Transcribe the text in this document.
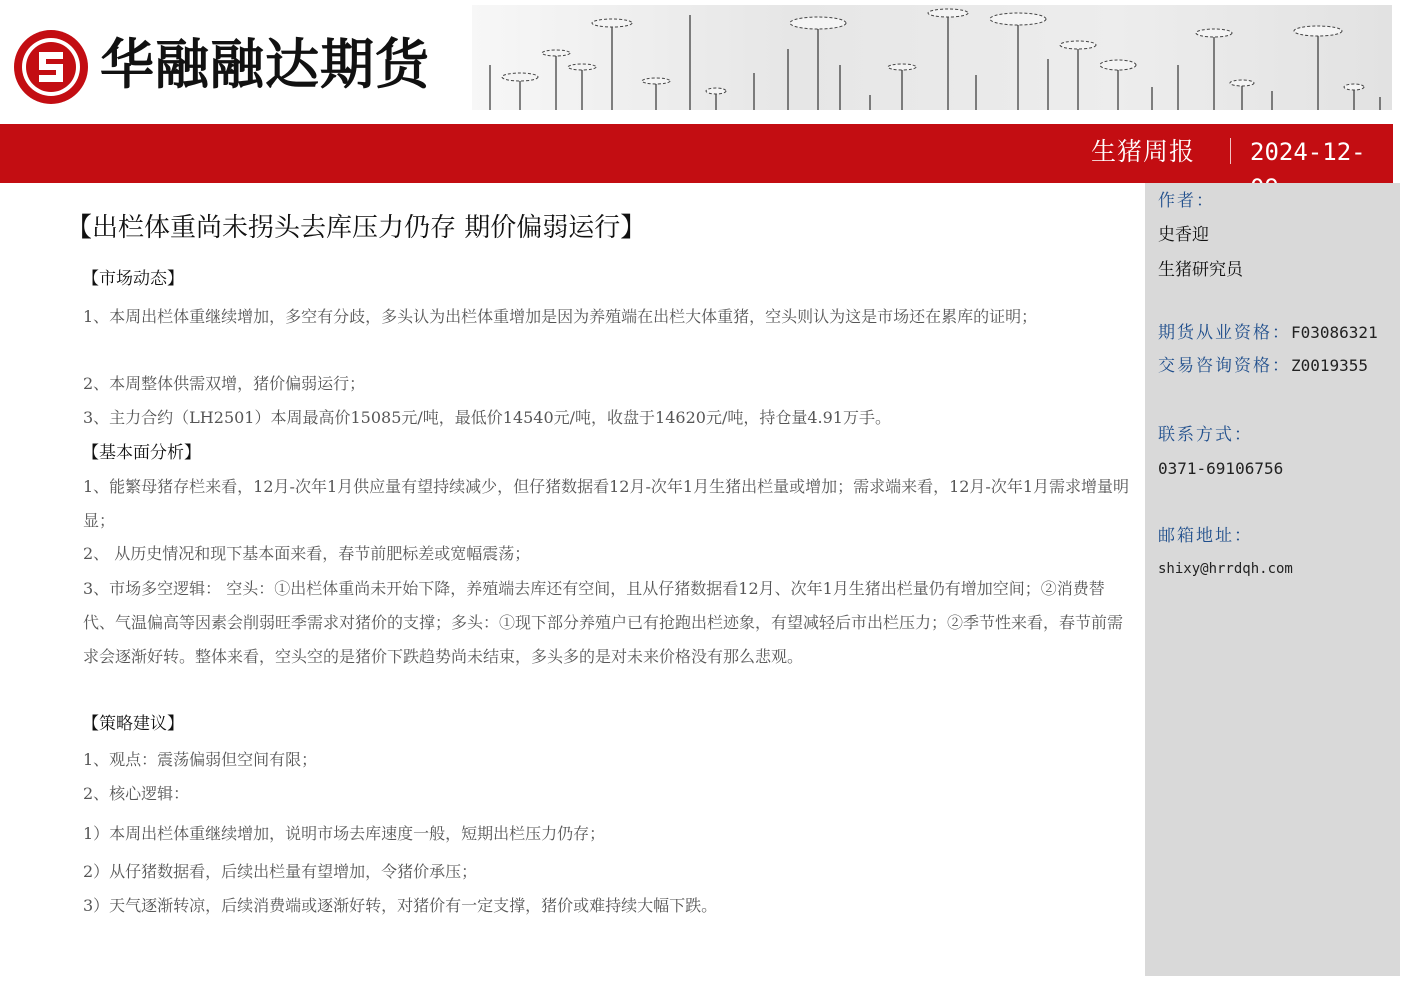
华融融达期货
生猪周报 2024-12-
作者：
史香迎
生猪研究员
期货从业资格：F03086321
交易咨询资格：Z0019355
联系方式：
0371-69106756
邮箱地址：
shixy@hrrdqh.com
【出栏体重尚未拐头去库压力仍存 期价偏弱运行】
【市场动态】

1、本周出栏体重继续增加，多空有分歧，多头认为出栏体重增加是因为养殖端在出栏大体重猪，空头则认为这是市场还在累库的证明；

2、本周整体供需双增，猪价偏弱运行；
3、主力合约（LH2501）本周最高价15085元/吨，最低价14540元/吨，收盘于14620元/吨，持仓量4.91万手。
【基本面分析】

1、能繁母猪存栏来看，12月-次年1月供应量有望持续减少，但仔猪数据看12月-次年1月生猪出栏量或增加；需求端来看，12月-次年1月需求增量明显；

2、 从历史情况和现下基本面来看，春节前肥标差或宽幅震荡；

3、市场多空逻辑： 空头：①出栏体重尚未开始下降，养殖端去库还有空间，且从仔猪数据看12月、次年1月生猪出栏量仍有增加空间；②消费替代、气温偏高等因素会削弱旺季需求对猪价的支撑；多头：①现下部分养殖户已有抢跑出栏迹象，有望减轻后市出栏压力；②季节性来看，春节前需求会逐渐好转。整体来看，空头空的是猪价下跌趋势尚未结束，多头多的是对未来价格没有那么悲观。

【策略建议】
1、观点：震荡偏弱但空间有限；
2、核心逻辑：
1）本周出栏体重继续增加，说明市场去库速度一般，短期出栏压力仍存；
2）从仔猪数据看，后续出栏量有望增加，令猪价承压；
3）天气逐渐转凉，后续消费端或逐渐好转，对猪价有一定支撑，猪价或难持续大幅下跌。
